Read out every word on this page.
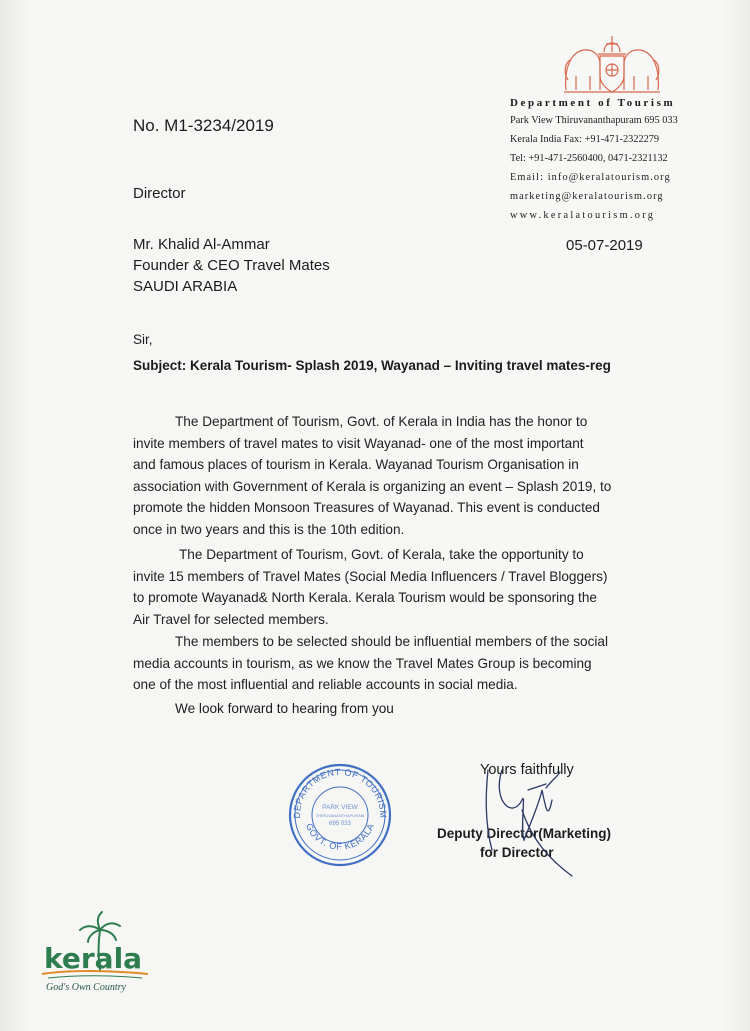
Department of Tourism
Park View Thiruvananthapuram 695 033
Kerala India Fax: +91-471-2322279
Tel: +91-471-2560400, 0471-2321132
Email: info@keralatourism.org
marketing@keralatourism.org
www.keralatourism.org
No. M1-3234/2019
Director
05-07-2019
Mr. Khalid Al-Ammar
Founder & CEO Travel Mates
SAUDI ARABIA
Sir,
Subject: Kerala Tourism- Splash 2019, Wayanad – Inviting travel mates-reg
The Department of Tourism, Govt. of Kerala in India has the honor to
invite members of travel mates to visit Wayanad- one of the most important
and famous places of tourism in Kerala. Wayanad Tourism Organisation in
association with Government of Kerala is organizing an event – Splash 2019, to
promote the hidden Monsoon Treasures of Wayanad. This event is conducted
once in two years and this is the 10th edition.
The Department of Tourism, Govt. of Kerala, take the opportunity to
invite 15 members of Travel Mates (Social Media Influencers / Travel Bloggers)
to promote Wayanad& North Kerala. Kerala Tourism would be sponsoring the
Air Travel for selected members.
The members to be selected should be influential members of the social
media accounts in tourism, as we know the Travel Mates Group is becoming
one of the most influential and reliable accounts in social media.
We look forward to hearing from you
DEPARTMENT OF TOURISM
GOVT. OF KERALA
PARK VIEW
THIRUVANANTHAPURAM
695 033
Yours faithfully
Deputy Director(Marketing)
for Director
kerala
God's Own Country
